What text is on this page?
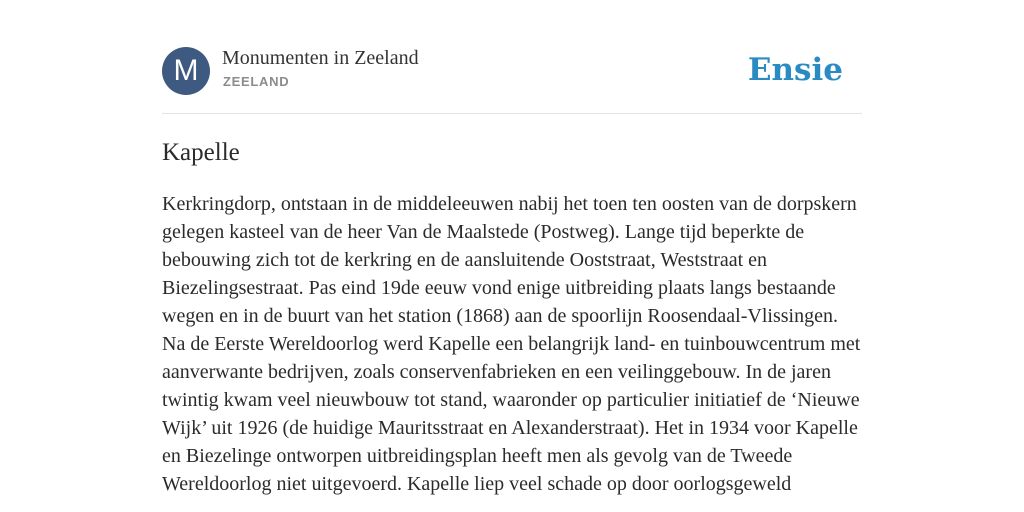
M	Monumenten in Zeeland
ZEELAND	Ensie
Kapelle

Kerkringdorp, ontstaan in de middeleeuwen nabij het toen ten oosten van de dorpskern gelegen kasteel van de heer Van de Maalstede (Postweg). Lange tijd beperkte de bebouwing zich tot de kerkring en de aansluitende Ooststraat, Weststraat en Biezelingsestraat. Pas eind 19de eeuw vond enige uitbreiding plaats langs bestaande wegen en in de buurt van het station (1868) aan de spoorlijn Roosendaal-Vlissingen. Na de Eerste Wereldoorlog werd Kapelle een belangrijk land- en tuinbouwcentrum met aanverwante bedrijven, zoals conservenfabrieken en een veilinggebouw. In de jaren twintig kwam veel nieuwbouw tot stand, waaronder op particulier initiatief de ‘Nieuwe Wijk’ uit 1926 (de huidige Mauritsstraat en Alexanderstraat). Het in 1934 voor Kapelle en Biezelinge ontworpen uitbreidingsplan heeft men als gevolg van de Tweede Wereldoorlog niet uitgevoerd. Kapelle liep veel schade op door oorlogsgeweld
